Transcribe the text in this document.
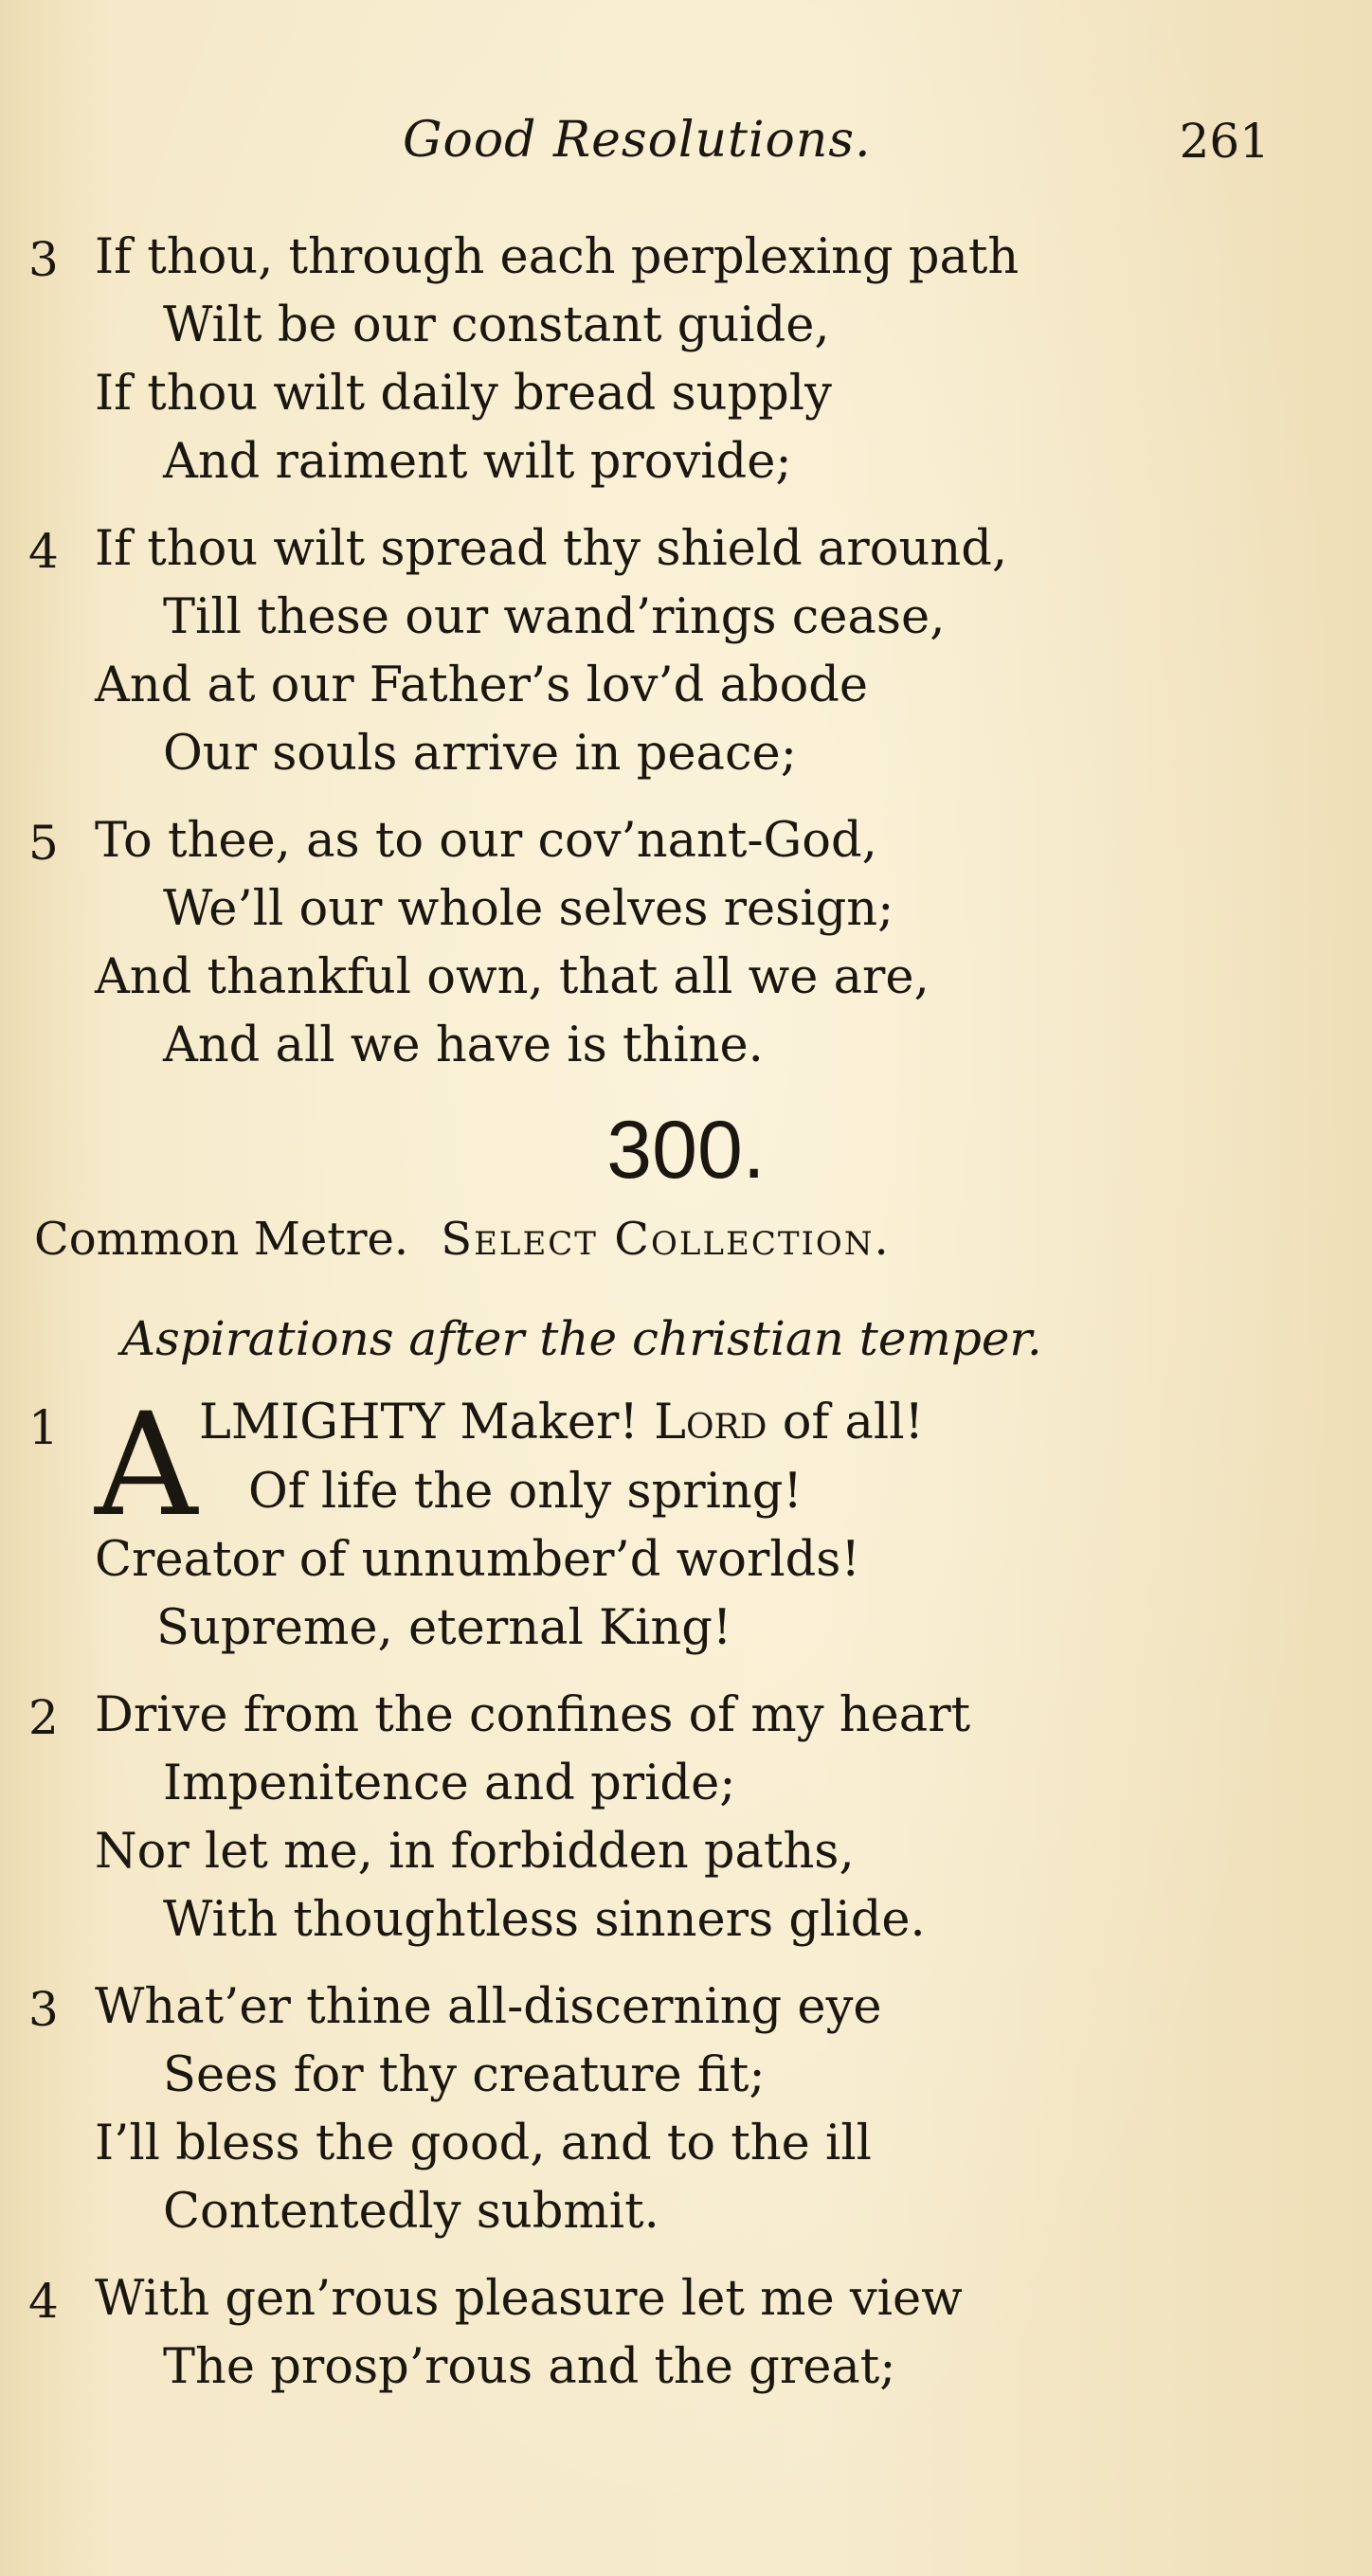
Good Resolutions.	261
3 If thou, through each perplexing path
Wilt be our constant guide,
If thou wilt daily bread supply
And raiment wilt provide;
4 If thou wilt spread thy shield around,
Till these our wand’rings cease,
And at our Father’s lov’d abode
Our souls arrive in peace;
5 To thee, as to our cov’nant-God,
We’ll our whole selves resign;
And thankful own, that all we are,
And all we have is thine.
300.
Common Metre. Select Collection.
Aspirations after the christian temper.
1 A LMIGHTY Maker! Lord of all!
Of life the only spring!
Creator of unnumber’d worlds!
Supreme, eternal King!
2 Drive from the confines of my heart
Impenitence and pride;
Nor let me, in forbidden paths,
With thoughtless sinners glide.
3 What’er thine all-discerning eye
Sees for thy creature fit;
I’ll bless the good, and to the ill
Contentedly submit.
4 With gen’rous pleasure let me view
The prosp’rous and the great;
